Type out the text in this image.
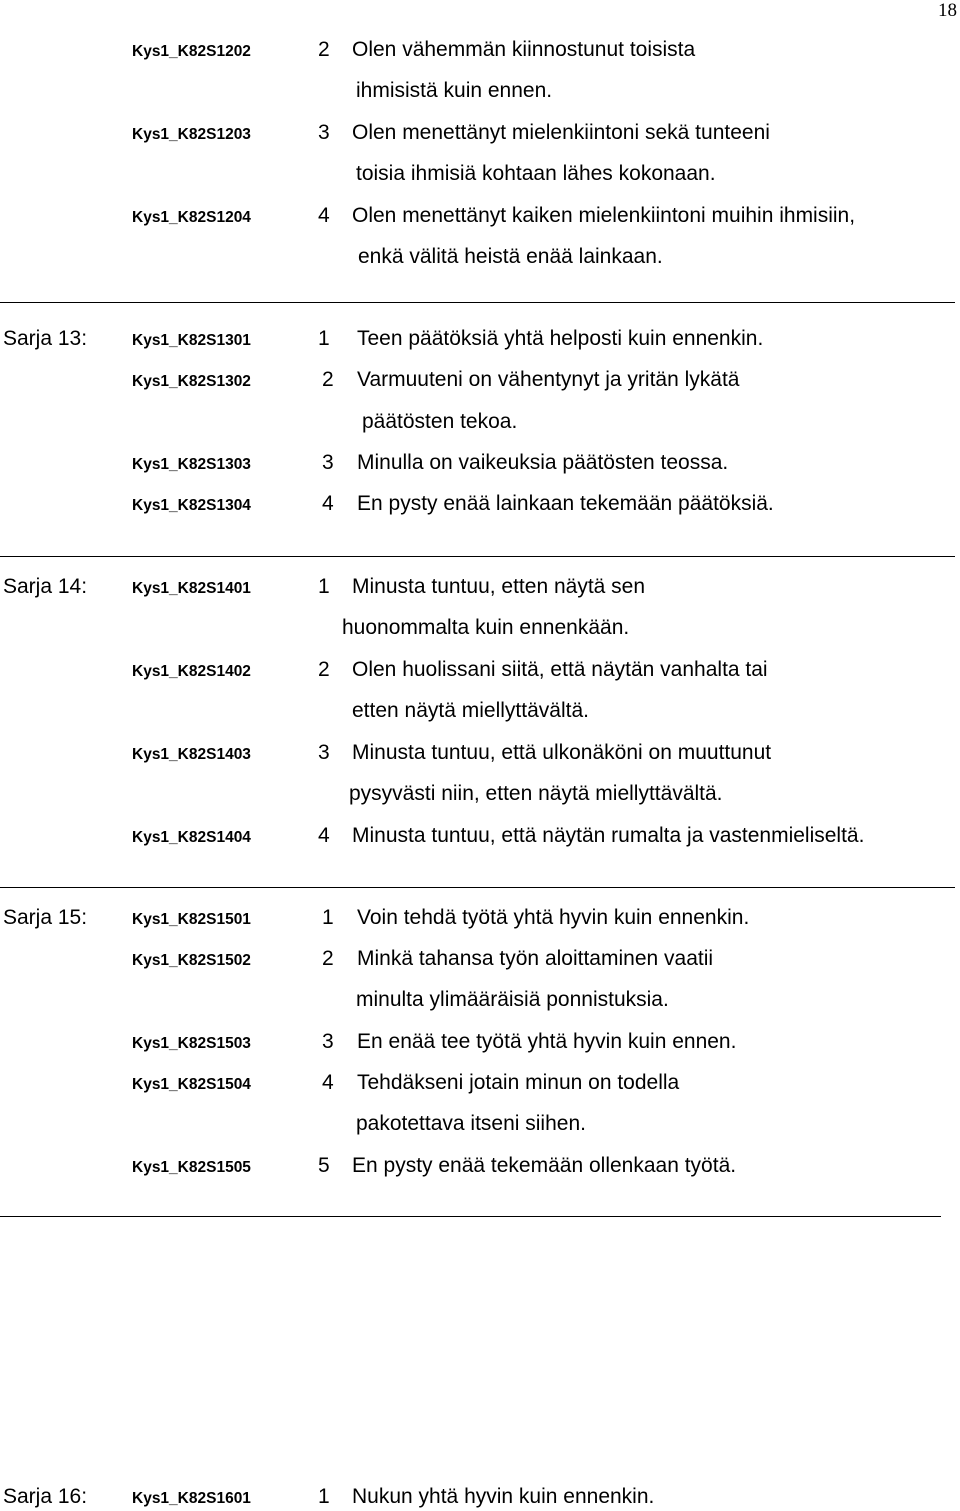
18
Kys1_K82S1202	2 Olen vähemmän kiinnostunut toisista
ihmisistä kuin ennen.
Kys1_K82S1203	3 Olen menettänyt mielenkiintoni sekä tunteeni
toisia ihmisiä kohtaan lähes kokonaan.
Kys1_K82S1204	4 Olen menettänyt kaiken mielenkiintoni muihin ihmisiin,
enkä välitä heistä enää lainkaan.
Sarja 13:	Kys1_K82S1301	1 Teen päätöksiä yhtä helposti kuin ennenkin.
Kys1_K82S1302	2 Varmuuteni on vähentynyt ja yritän lykätä
päätösten tekoa.
Kys1_K82S1303	3 Minulla on vaikeuksia päätösten teossa.
Kys1_K82S1304	4 En pysty enää lainkaan tekemään päätöksiä.
Sarja 14:	Kys1_K82S1401	1 Minusta tuntuu, etten näytä sen
huonommalta kuin ennenkään.
Kys1_K82S1402	2 Olen huolissani siitä, että näytän vanhalta tai
etten näytä miellyttävältä.
Kys1_K82S1403	3 Minusta tuntuu, että ulkonäköni on muuttunut
pysyvästi niin, etten näytä miellyttävältä.
Kys1_K82S1404	4 Minusta tuntuu, että näytän rumalta ja vastenmieliseltä.
Sarja 15:	Kys1_K82S1501	1 Voin tehdä työtä yhtä hyvin kuin ennenkin.
Kys1_K82S1502	2 Minkä tahansa työn aloittaminen vaatii
minulta ylimääräisiä ponnistuksia.
Kys1_K82S1503	3 En enää tee työtä yhtä hyvin kuin ennen.
Kys1_K82S1504	4 Tehdäkseni jotain minun on todella
pakotettava itseni siihen.
Kys1_K82S1505	5 En pysty enää tekemään ollenkaan työtä.
Sarja 16:	Kys1_K82S1601	1 Nukun yhtä hyvin kuin ennenkin.
